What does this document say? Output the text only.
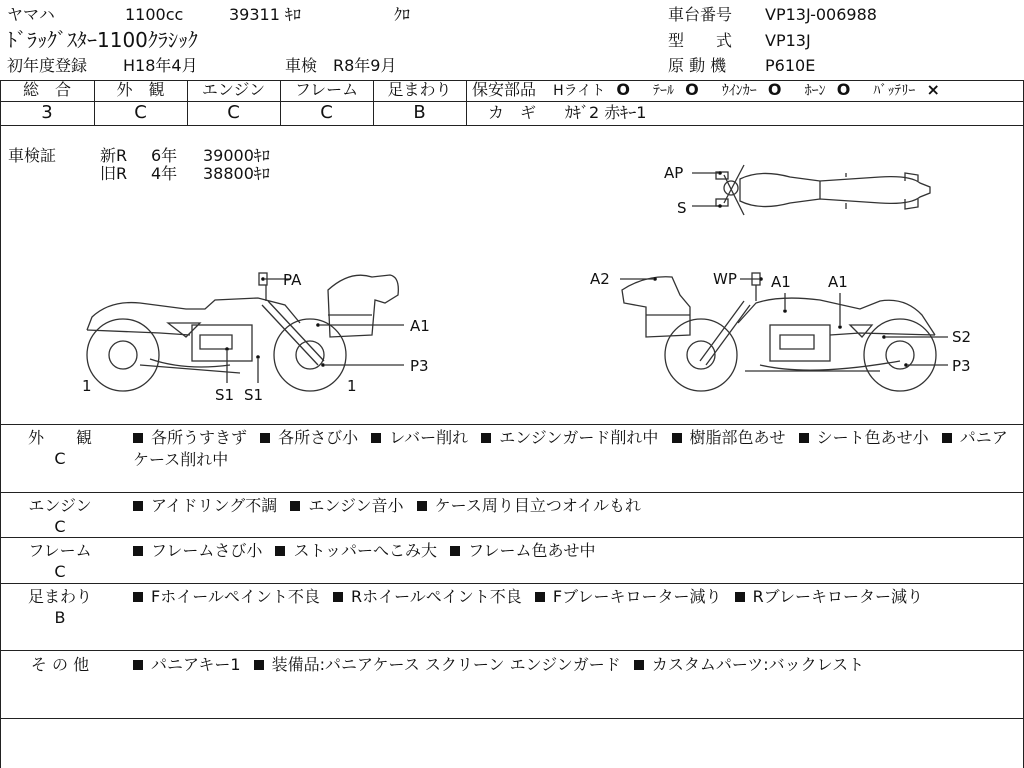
ヤマハ	1100cc	39311 ｷﾛ	ｸﾛ
ﾄﾞﾗｯｸﾞｽﾀｰ1100ｸﾗｼｯｸ
初年度登録 H18年4月	車検 R8年9月
車台番号 VP13J-006988
型　　式 VP13J
原 動 機 P610E
総　合	外　観	エンジン	フレーム	足まわり
3	C	C	C	B
保安部品 Hライト O ﾃｰﾙ O ｳｲﾝｶｰ O ﾎｰﾝ O ﾊﾞｯﾃﾘｰ ×
カ　ギ ｶｷﾞ2 赤ｷｰ1
車検証	新R 6年 39000ｷﾛ
旧R 4年 38800ｷﾛ	AP
S
PA
A1
P3
S1 S1
1	1
A2	WP A1 A1
S2
P3
外　　観
C
各所うすきず 各所さび小 レバー削れ エンジンガード削れ中 樹脂部色あせ シート色あせ小 パニアケース削れ中
エンジン
C
アイドリング不調 エンジン音小 ケース周り目立つオイルもれ
フレーム
C
フレームさび小 ストッパーへこみ大 フレーム色あせ中
足まわり
B
Fホイールペイント不良 Rホイールペイント不良 Fブレーキローター減り Rブレーキローター減り
そ の 他	パニアキー1 装備品:パニアケース スクリーン エンジンガード カスタムパーツ:バックレスト
